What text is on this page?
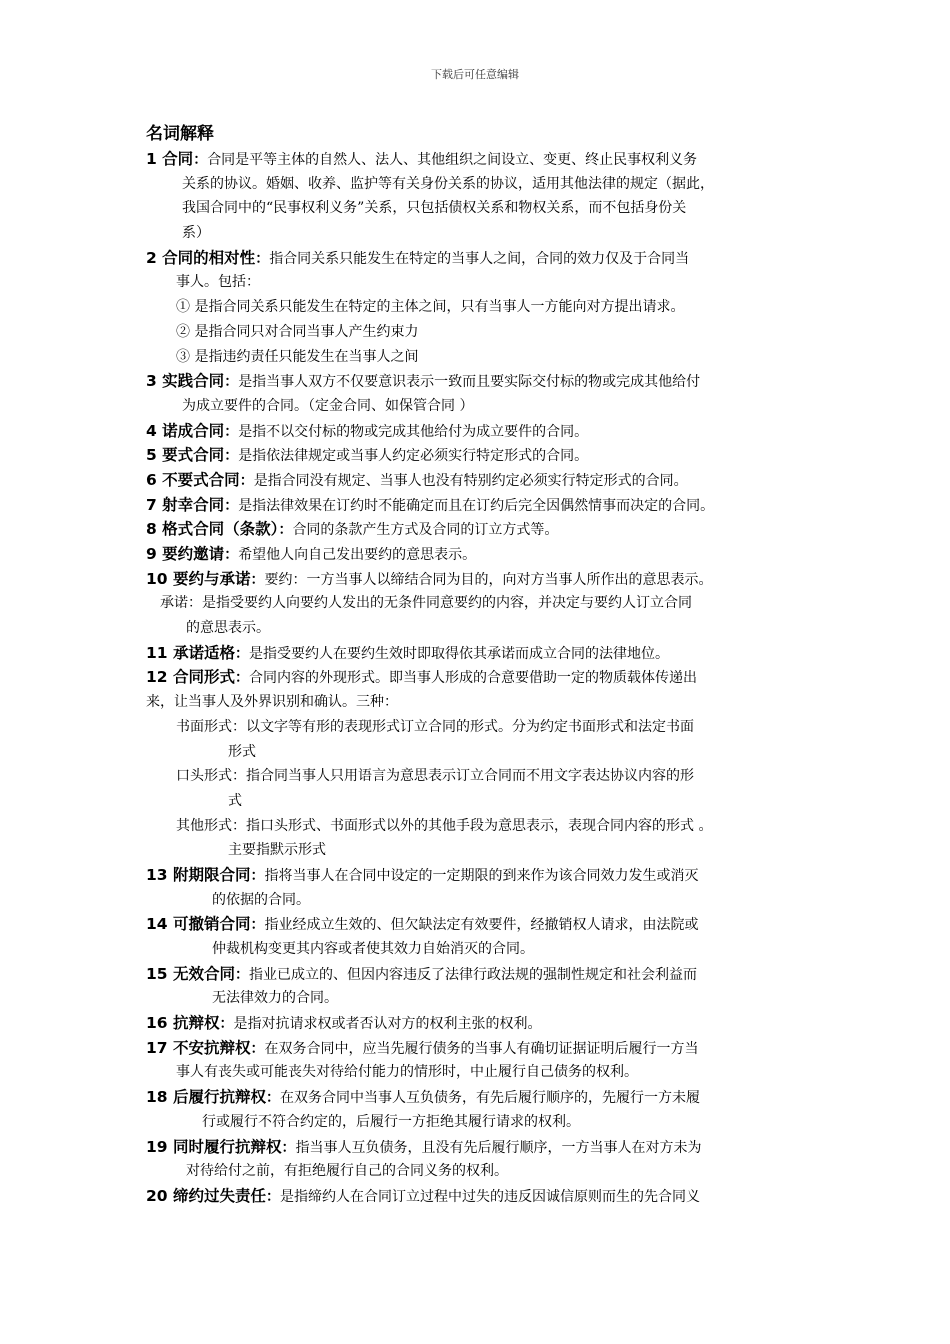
下载后可任意编辑
名词解释
1 合同：合同是平等主体的自然人、法人、其他组织之间设立、变更、终止民事权利义务
关系的协议。婚姻、收养、监护等有关身份关系的协议，适用其他法律的规定（据此，
我国合同中的“民事权利义务”关系，只包括债权关系和物权关系，而不包括身份关
系）
2 合同的相对性：指合同关系只能发生在特定的当事人之间，合同的效力仅及于合同当
事人。包括：
① 是指合同关系只能发生在特定的主体之间，只有当事人一方能向对方提出请求。
② 是指合同只对合同当事人产生约束力
③ 是指违约责任只能发生在当事人之间
3 实践合同：是指当事人双方不仅要意识表示一致而且要实际交付标的物或完成其他给付
为成立要件的合同。（定金合同、如保管合同 ）
4 诺成合同：是指不以交付标的物或完成其他给付为成立要件的合同。
5 要式合同：是指依法律规定或当事人约定必须实行特定形式的合同。
6 不要式合同：是指合同没有规定、当事人也没有特别约定必须实行特定形式的合同。
7 射幸合同：是指法律效果在订约时不能确定而且在订约后完全因偶然情事而决定的合同。
8 格式合同（条款）：合同的条款产生方式及合同的订立方式等。
9 要约邀请：希望他人向自己发出要约的意思表示。
10 要约与承诺：要约：一方当事人以缔结合同为目的，向对方当事人所作出的意思表示。
承诺：是指受要约人向要约人发出的无条件同意要约的内容，并决定与要约人订立合同
的意思表示。
11 承诺适格：是指受要约人在要约生效时即取得依其承诺而成立合同的法律地位。
12 合同形式：合同内容的外现形式。即当事人形成的合意要借助一定的物质载体传递出
来，让当事人及外界识别和确认。三种：
书面形式：以文字等有形的表现形式订立合同的形式。分为约定书面形式和法定书面
形式
口头形式：指合同当事人只用语言为意思表示订立合同而不用文字表达协议内容的形
式
其他形式：指口头形式、书面形式以外的其他手段为意思表示，表现合同内容的形式 。
主要指默示形式
13 附期限合同：指将当事人在合同中设定的一定期限的到来作为该合同效力发生或消灭
的依据的合同。
14 可撤销合同：指业经成立生效的、但欠缺法定有效要件，经撤销权人请求，由法院或
仲裁机构变更其内容或者使其效力自始消灭的合同。
15 无效合同：指业已成立的、但因内容违反了法律行政法规的强制性规定和社会利益而
无法律效力的合同。
16 抗辩权：是指对抗请求权或者否认对方的权利主张的权利。
17 不安抗辩权：在双务合同中，应当先履行债务的当事人有确切证据证明后履行一方当
事人有丧失或可能丧失对待给付能力的情形时，中止履行自己债务的权利。
18 后履行抗辩权：在双务合同中当事人互负债务，有先后履行顺序的，先履行一方未履
行或履行不符合约定的，后履行一方拒绝其履行请求的权利。
19 同时履行抗辩权：指当事人互负债务，且没有先后履行顺序，一方当事人在对方未为
对待给付之前，有拒绝履行自己的合同义务的权利。
20 缔约过失责任：是指缔约人在合同订立过程中过失的违反因诚信原则而生的先合同义
